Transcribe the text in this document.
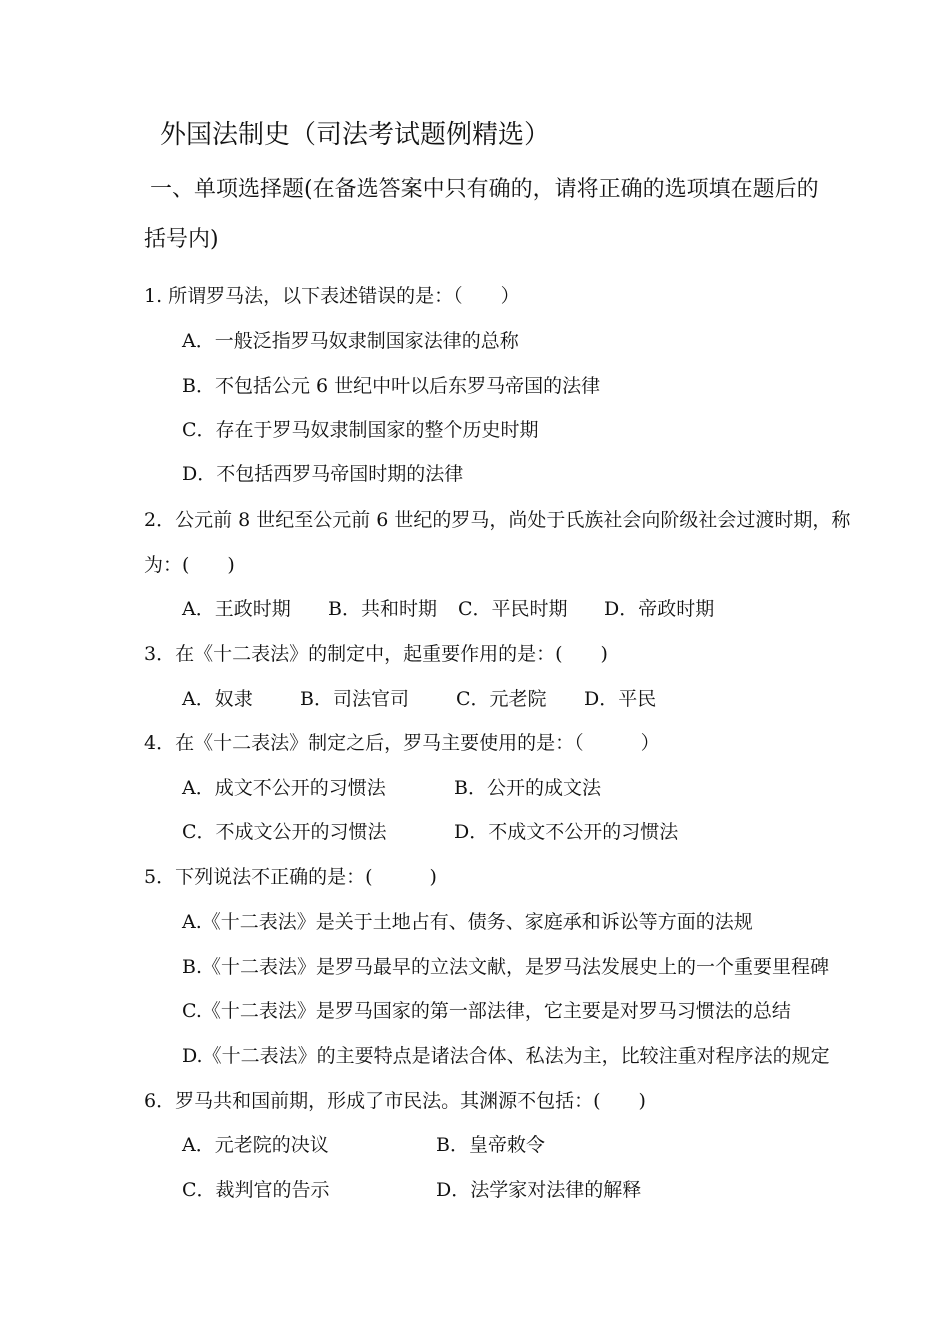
外国法制史（司法考试题例精选）

一、单项选择题(在备选答案中只有确的，请将正确的选项填在题后的

括号内)

1. 所谓罗马法，以下表述错误的是：（　　）

A．一般泛指罗马奴隶制国家法律的总称

B．不包括公元 6 世纪中叶以后东罗马帝国的法律

C．存在于罗马奴隶制国家的整个历史时期

D．不包括西罗马帝国时期的法律

2．公元前 8 世纪至公元前 6 世纪的罗马，尚处于氏族社会向阶级社会过渡时期，称

为：(　　)

A．王政时期 B．共和时期 C．平民时期 D．帝政时期

3．在《十二表法》的制定中，起重要作用的是：(　　)

A．奴隶 B．司法官司 C．元老院 D．平民

4．在《十二表法》制定之后，罗马主要使用的是：（　　　）

A．成文不公开的习惯法	B．公开的成文法

C．不成文公开的习惯法	D．不成文不公开的习惯法

5．下列说法不正确的是：(　　　)

A.《十二表法》是关于土地占有、债务、家庭承和诉讼等方面的法规

B.《十二表法》是罗马最早的立法文献，是罗马法发展史上的一个重要里程碑

C.《十二表法》是罗马国家的第一部法律，它主要是对罗马习惯法的总结

D.《十二表法》的主要特点是诸法合体、私法为主，比较注重对程序法的规定

6．罗马共和国前期，形成了市民法。其渊源不包括：(　　)

A．元老院的决议	B．皇帝敕令

C．裁判官的告示	D．法学家对法律的解释
